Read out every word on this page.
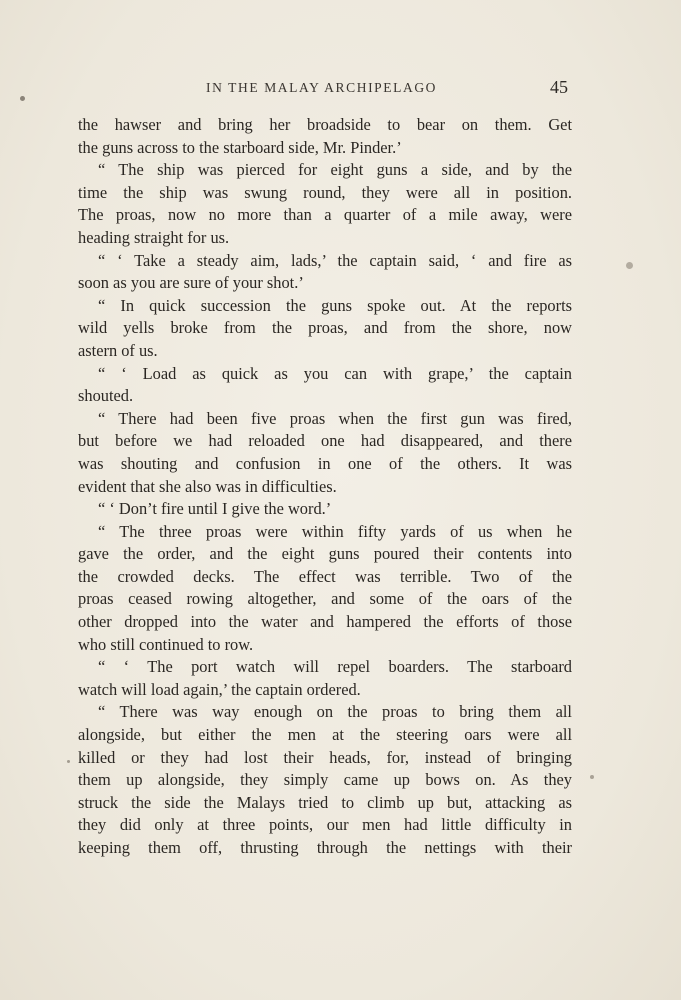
IN THE MALAY ARCHIPELAGO	45
the hawser and bring her broadside to bear on them. Get
the guns across to the starboard side, Mr. Pinder.’
“ The ship was pierced for eight guns a side, and by the
time the ship was swung round, they were all in position.
The proas, now no more than a quarter of a mile away, were
heading straight for us.
“ ‘ Take a steady aim, lads,’ the captain said, ‘ and fire as
soon as you are sure of your shot.’
“ In quick succession the guns spoke out. At the reports
wild yells broke from the proas, and from the shore, now
astern of us.
“ ‘ Load as quick as you can with grape,’ the captain
shouted.
“ There had been five proas when the first gun was fired,
but before we had reloaded one had disappeared, and there
was shouting and confusion in one of the others. It was
evident that she also was in difficulties.
“ ‘ Don’t fire until I give the word.’
“ The three proas were within fifty yards of us when he
gave the order, and the eight guns poured their contents into
the crowded decks. The effect was terrible. Two of the
proas ceased rowing altogether, and some of the oars of the
other dropped into the water and hampered the efforts of those
who still continued to row.
“ ‘ The port watch will repel boarders. The starboard
watch will load again,’ the captain ordered.
“ There was way enough on the proas to bring them all
alongside, but either the men at the steering oars were all
killed or they had lost their heads, for, instead of bringing
them up alongside, they simply came up bows on. As they
struck the side the Malays tried to climb up but, attacking as
they did only at three points, our men had little difficulty in
keeping them off, thrusting through the nettings with their
